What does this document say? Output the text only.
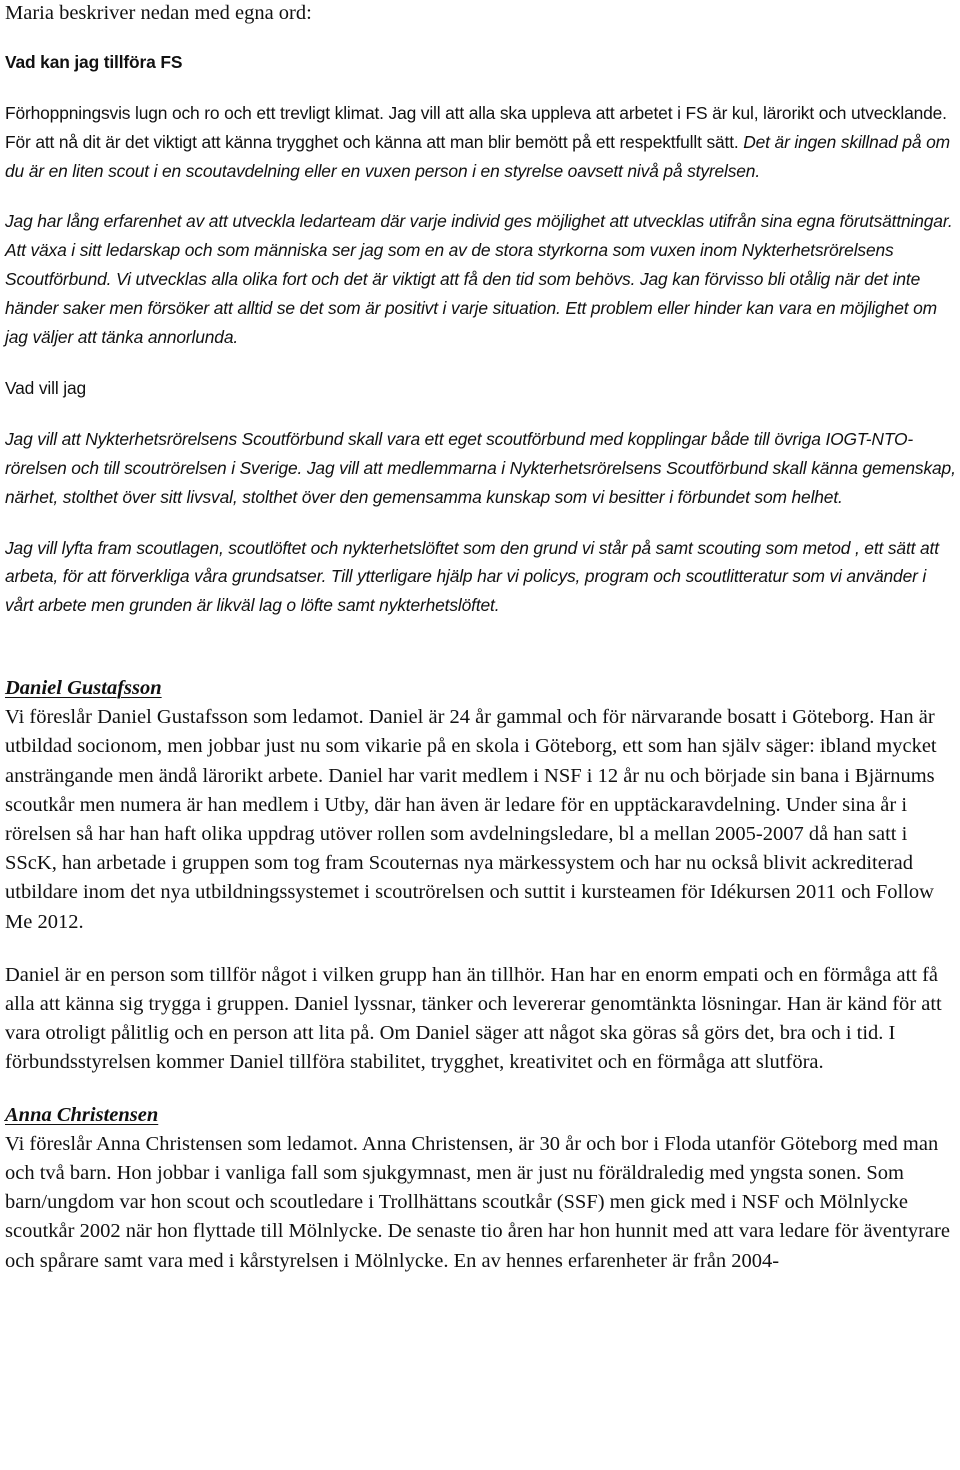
Maria beskriver nedan med egna ord:

Vad kan jag tillföra FS

Förhoppningsvis lugn och ro och ett trevligt klimat. Jag vill att alla ska uppleva att arbetet i FS är kul, lärorikt och utvecklande. För att nå dit är det viktigt att känna trygghet och känna att man blir bemött på ett respektfullt sätt. Det är ingen skillnad på om du är en liten scout i en scoutavdelning eller en vuxen person i en styrelse oavsett nivå på styrelsen.

Jag har lång erfarenhet av att utveckla ledarteam där varje individ ges möjlighet att utvecklas utifrån sina egna förutsättningar. Att växa i sitt ledarskap och som människa ser jag som en av de stora styrkorna som vuxen inom Nykterhetsrörelsens Scoutförbund. Vi utvecklas alla olika fort och det är viktigt att få den tid som behövs. Jag kan förvisso bli otålig när det inte händer saker men försöker att alltid se det som är positivt i varje situation. Ett problem eller hinder kan vara en möjlighet om jag väljer att tänka annorlunda.

Vad vill jag

Jag vill att Nykterhetsrörelsens Scoutförbund skall vara ett eget scoutförbund med kopplingar både till övriga IOGT-NTO-rörelsen och till scoutrörelsen i Sverige. Jag vill att medlemmarna i Nykterhetsrörelsens Scoutförbund skall känna gemenskap, närhet, stolthet över sitt livsval, stolthet över den gemensamma kunskap som vi besitter i förbundet som helhet.

Jag vill lyfta fram scoutlagen, scoutlöftet och nykterhetslöftet som den grund vi står på samt scouting som metod , ett sätt att arbeta, för att förverkliga våra grundsatser. Till ytterligare hjälp har vi policys, program och scoutlitteratur som vi använder i vårt arbete men grunden är likväl lag o löfte samt nykterhetslöftet.

Daniel Gustafsson

Vi föreslår Daniel Gustafsson som ledamot. Daniel är 24 år gammal och för närvarande bosatt i Göteborg. Han är utbildad socionom, men jobbar just nu som vikarie på en skola i Göteborg, ett som han själv säger: ibland mycket ansträngande men ändå lärorikt arbete. Daniel har varit medlem i NSF i 12 år nu och började sin bana i Bjärnums scoutkår men numera är han medlem i Utby, där han även är ledare för en upptäckaravdelning. Under sina år i rörelsen så har han haft olika uppdrag utöver rollen som avdelningsledare, bl a mellan 2005-2007 då han satt i SScK, han arbetade i gruppen som tog fram Scouternas nya märkessystem och har nu också blivit ackrediterad utbildare inom det nya utbildningssystemet i scoutrörelsen och suttit i kursteamen för Idékursen 2011 och Follow Me 2012.

Daniel är en person som tillför något i vilken grupp han än tillhör. Han har en enorm empati och en förmåga att få alla att känna sig trygga i gruppen. Daniel lyssnar, tänker och levererar genomtänkta lösningar. Han är känd för att vara otroligt pålitlig och en person att lita på. Om Daniel säger att något ska göras så görs det, bra och i tid. I förbundsstyrelsen kommer Daniel tillföra stabilitet, trygghet, kreativitet och en förmåga att slutföra.

Anna Christensen

Vi föreslår Anna Christensen som ledamot. Anna Christensen, är 30 år och bor i Floda utanför Göteborg med man och två barn. Hon jobbar i vanliga fall som sjukgymnast, men är just nu föräldraledig med yngsta sonen. Som barn/ungdom var hon scout och scoutledare i Trollhättans scoutkår (SSF) men gick med i NSF och Mölnlycke scoutkår 2002 när hon flyttade till Mölnlycke. De senaste tio åren har hon hunnit med att vara ledare för äventyrare och spårare samt vara med i kårstyrelsen i Mölnlycke. En av hennes erfarenheter är från 2004-
